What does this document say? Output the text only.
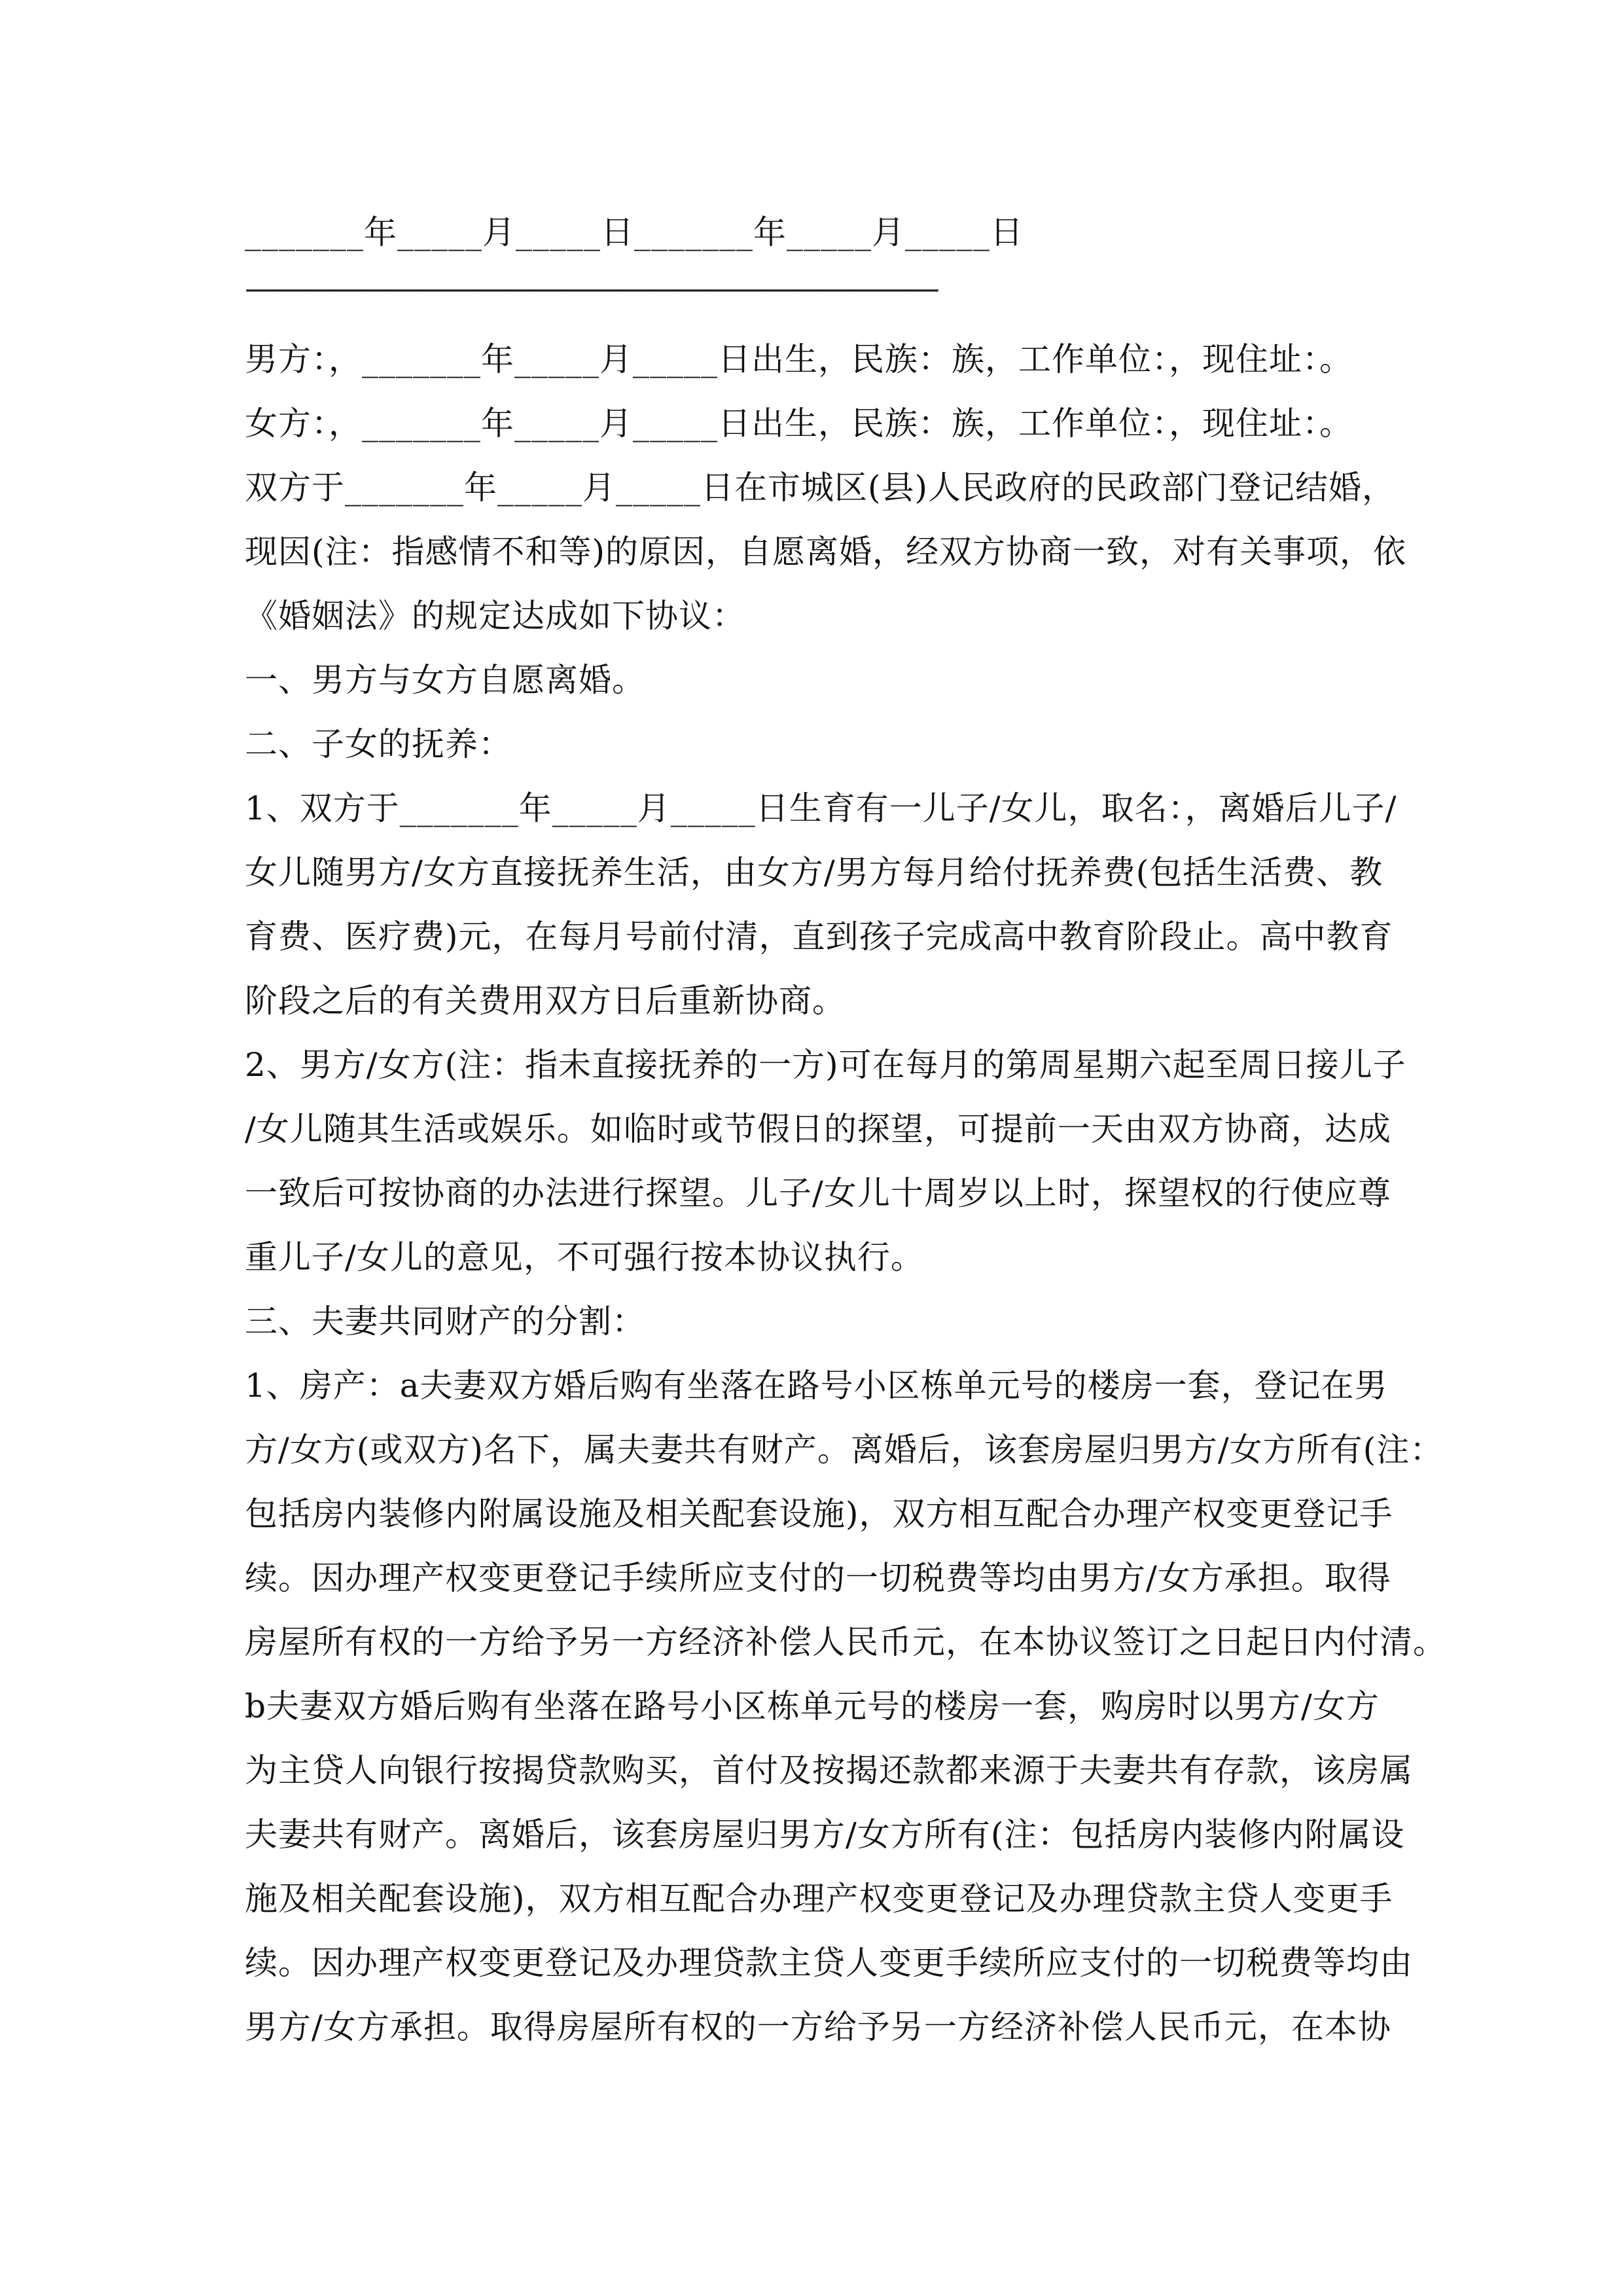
_______年_____月_____日_______年_____月_____日
————————————————————————
男方：，_______年_____月_____日出生，民族：族，工作单位：，现住址：。
女方：，_______年_____月_____日出生，民族：族，工作单位：，现住址：。
双方于_______年_____月_____日在市城区(县)人民政府的民政部门登记结婚，
现因(注：指感情不和等)的原因，自愿离婚，经双方协商一致，对有关事项，依
《婚姻法》的规定达成如下协议：
一、男方与女方自愿离婚。
二、子女的抚养：
1、双方于_______年_____月_____日生育有一儿子/女儿，取名：，离婚后儿子/
女儿随男方/女方直接抚养生活，由女方/男方每月给付抚养费(包括生活费、教
育费、医疗费)元，在每月号前付清，直到孩子完成高中教育阶段止。高中教育
阶段之后的有关费用双方日后重新协商。
2、男方/女方(注：指未直接抚养的一方)可在每月的第周星期六起至周日接儿子
/女儿随其生活或娱乐。如临时或节假日的探望，可提前一天由双方协商，达成
一致后可按协商的办法进行探望。儿子/女儿十周岁以上时，探望权的行使应尊
重儿子/女儿的意见，不可强行按本协议执行。
三、夫妻共同财产的分割：
1、房产：a夫妻双方婚后购有坐落在路号小区栋单元号的楼房一套，登记在男
方/女方(或双方)名下，属夫妻共有财产。离婚后，该套房屋归男方/女方所有(注：
包括房内装修内附属设施及相关配套设施)，双方相互配合办理产权变更登记手
续。因办理产权变更登记手续所应支付的一切税费等均由男方/女方承担。取得
房屋所有权的一方给予另一方经济补偿人民币元，在本协议签订之日起日内付清。
b夫妻双方婚后购有坐落在路号小区栋单元号的楼房一套，购房时以男方/女方
为主贷人向银行按揭贷款购买，首付及按揭还款都来源于夫妻共有存款，该房属
夫妻共有财产。离婚后，该套房屋归男方/女方所有(注：包括房内装修内附属设
施及相关配套设施)，双方相互配合办理产权变更登记及办理贷款主贷人变更手
续。因办理产权变更登记及办理贷款主贷人变更手续所应支付的一切税费等均由
男方/女方承担。取得房屋所有权的一方给予另一方经济补偿人民币元，在本协
